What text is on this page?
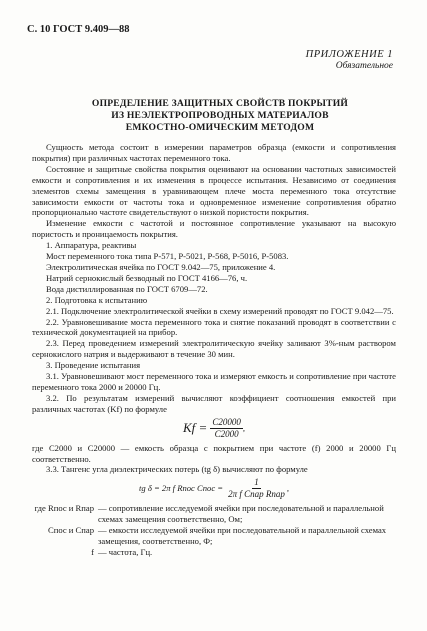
С. 10 ГОСТ 9.409—88
ПРИЛОЖЕНИЕ 1
Обязательное
ОПРЕДЕЛЕНИЕ ЗАЩИТНЫХ СВОЙСТВ ПОКРЫТИЙ
ИЗ НЕЭЛЕКТРОПРОВОДНЫХ МАТЕРИАЛОВ
ЕМКОСТНО-ОМИЧЕСКИМ МЕТОДОМ

Сущность метода состоит в измерении параметров образца (емкости и сопротивления покрытия) при различных частотах переменного тока.

Состояние и защитные свойства покрытия оценивают на основании частотных зависимостей емкости и сопротивления и их изменения в процессе испытания. Независимо от соединения элементов схемы замещения в уравнивающем плече моста переменного тока отсутствие зависимости емкости от частоты тока и одновременное изменение сопротивления обратно пропорционально частоте свидетельствуют о низкой пористости покрытия.

Изменение емкости с частотой и постоянное сопротивление указывают на высокую пористость и проницаемость покрытия.

1. Аппаратура, реактивы

Мост переменного тока типа Р-571, Р-5021, Р-568, Р-5016, Р-5083.

Электролитическая ячейка по ГОСТ 9.042—75, приложение 4.

Натрий сернокислый безводный по ГОСТ 4166—76, ч.

Вода дистиллированная по ГОСТ 6709—72.

2. Подготовка к испытанию

2.1. Подключение электролитической ячейки в схему измерений проводят по ГОСТ 9.042—75.

2.2. Уравновешивание моста переменного тока и снятие показаний проводят в соответствии с технической документацией на прибор.

2.3. Перед проведением измерений электролитическую ячейку заливают 3%-ным раствором сернокислого натрия и выдерживают в течение 30 мин.

3. Проведение испытания

3.1. Уравновешивают мост переменного тока и измеряют емкость и сопротивление при частоте переменного тока 2000 и 20000 Гц.

3.2. По результатам измерений вычисляют коэффициент соотношения емкостей при различных частотах (Kf) по формуле

$Kf = \frac{C20000}{C2000}$ ,

где C2000 и C20000 — емкость образца с покрытием при частоте (f) 2000 и 20000 Гц соответственно.

3.3. Тангенс угла диэлектрических потерь (tg δ) вычисляют по формуле

tg δ = 2π f Rпос Cпос = $\frac{1}{\text{2π f Cпар Rпар}}$ ,
где Rпос и Rпар — сопротивление исследуемой ячейки при последовательной и параллельной схемах замещения соответственно, Ом;
Cпос и Cпар — емкости исследуемой ячейки при последовательной и параллельной схемах замещения, соответственно, Ф;
f — частота, Гц.
